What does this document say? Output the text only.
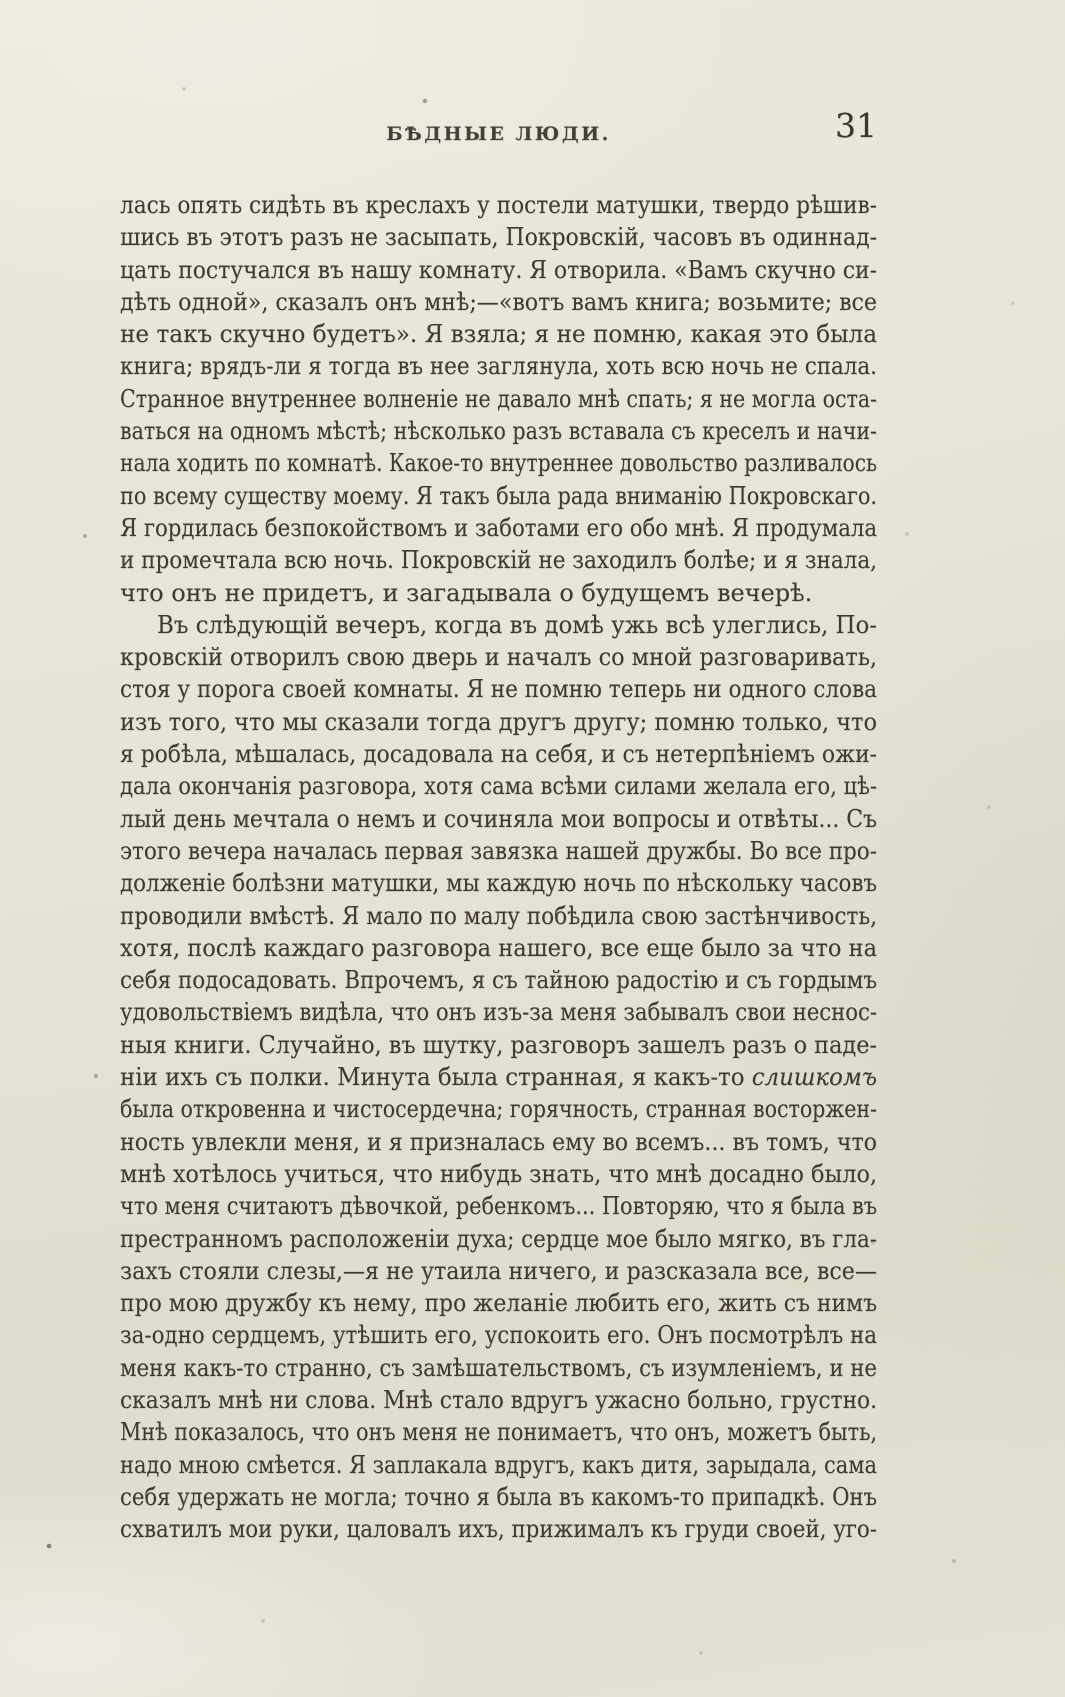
БѢДНЫЕ ЛЮДИ.	31
лась опять сидѣть въ креслахъ у постели матушки, твердо рѣшив-
шись въ этотъ разъ не засыпать, Покровскій, часовъ въ одиннад-
цать постучался въ нашу комнату. Я отворила. «Вамъ скучно си-
дѣть одной», сказалъ онъ мнѣ;—«вотъ вамъ книга; возьмите; все
не такъ скучно будетъ». Я взяла; я не помню, какая это была
книга; врядъ-ли я тогда въ нее заглянула, хоть всю ночь не спала.
Странное внутреннее волненіе не давало мнѣ спать; я не могла оста-
ваться на одномъ мѣстѣ; нѣсколько разъ вставала съ креселъ и начи-
нала ходить по комнатѣ. Какое-то внутреннее довольство разливалось
по всему существу моему. Я такъ была рада вниманію Покровскаго.
Я гордилась безпокойствомъ и заботами его обо мнѣ. Я продумала
и промечтала всю ночь. Покровскій не заходилъ болѣе; и я знала,
что онъ не придетъ, и загадывала о будущемъ вечерѣ.
Въ слѣдующій вечеръ, когда въ домѣ ужь всѣ улеглись, По-
кровскій отворилъ свою дверь и началъ со мной разговаривать,
стоя у порога своей комнаты. Я не помню теперь ни одного слова
изъ того, что мы сказали тогда другъ другу; помню только, что
я робѣла, мѣшалась, досадовала на себя, и съ нетерпѣніемъ ожи-
дала окончанія разговора, хотя сама всѣми силами желала его, цѣ-
лый день мечтала о немъ и сочиняла мои вопросы и отвѣты... Съ
этого вечера началась первая завязка нашей дружбы. Во все про-
долженіе болѣзни матушки, мы каждую ночь по нѣскольку часовъ
проводили вмѣстѣ. Я мало по малу побѣдила свою застѣнчивость,
хотя, послѣ каждаго разговора нашего, все еще было за что на
себя подосадовать. Впрочемъ, я съ тайною радостію и съ гордымъ
удовольствіемъ видѣла, что онъ изъ-за меня забывалъ свои неснос-
ныя книги. Случайно, въ шутку, разговоръ зашелъ разъ о паде-
ніи ихъ съ полки. Минута была странная, я какъ-то слишкомъ
была откровенна и чистосердечна; горячность, странная восторжен-
ность увлекли меня, и я призналась ему во всемъ... въ томъ, что
мнѣ хотѣлось учиться, что нибудь знать, что мнѣ досадно было,
что меня считаютъ дѣвочкой, ребенкомъ... Повторяю, что я была въ
престранномъ расположеніи духа; сердце мое было мягко, въ гла-
захъ стояли слезы,—я не утаила ничего, и разсказала все, все—
про мою дружбу къ нему, про желаніе любить его, жить съ нимъ
за-одно сердцемъ, утѣшить его, успокоить его. Онъ посмотрѣлъ на
меня какъ-то странно, съ замѣшательствомъ, съ изумленіемъ, и не
сказалъ мнѣ ни слова. Мнѣ стало вдругъ ужасно больно, грустно.
Мнѣ показалось, что онъ меня не понимаетъ, что онъ, можетъ быть,
надо мною смѣется. Я заплакала вдругъ, какъ дитя, зарыдала, сама
себя удержать не могла; точно я была въ какомъ-то припадкѣ. Онъ
схватилъ мои руки, цаловалъ ихъ, прижималъ къ груди своей, уго-
